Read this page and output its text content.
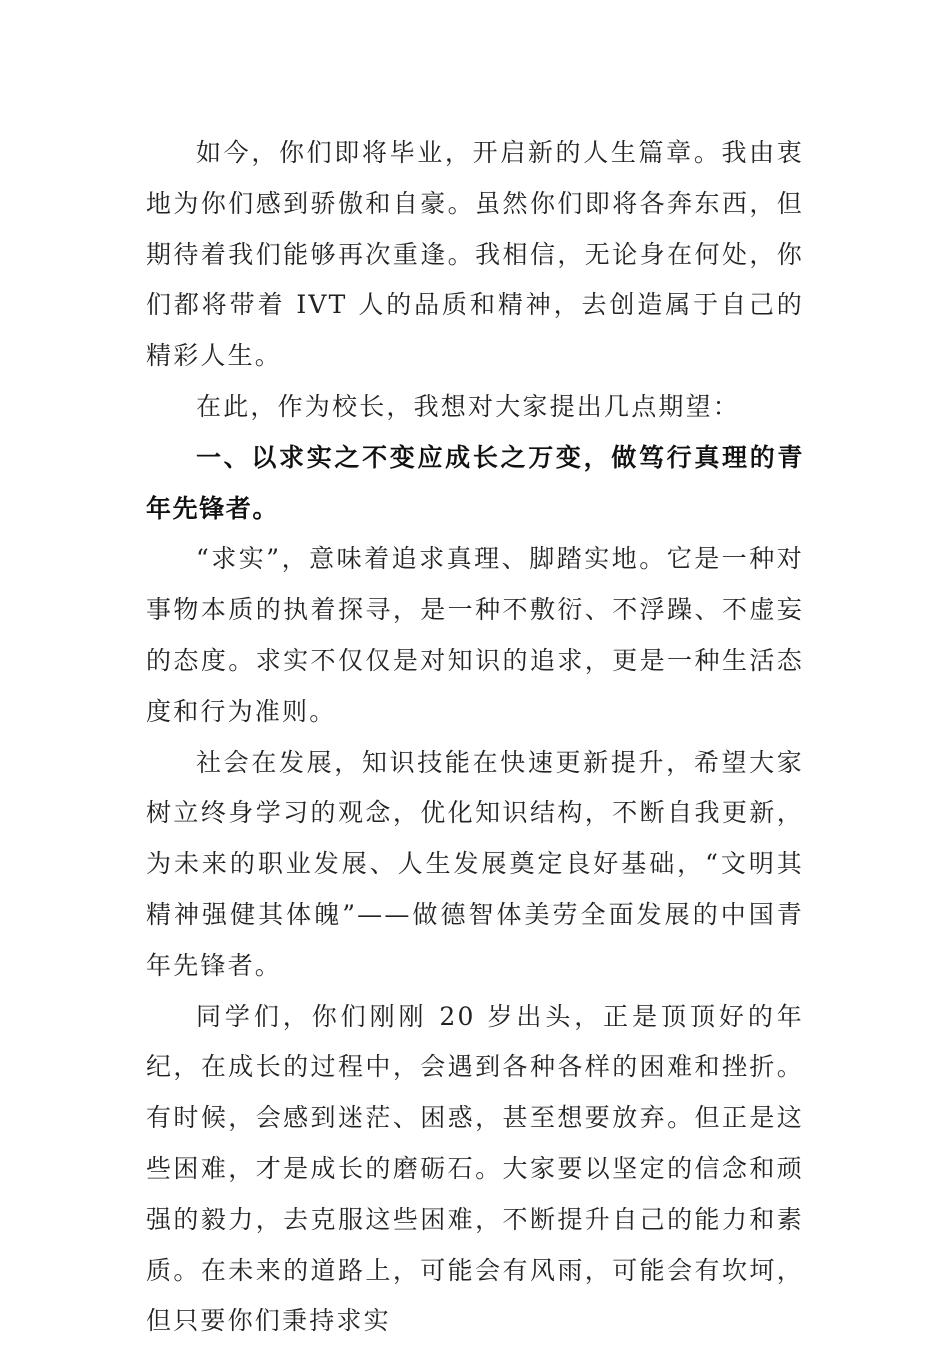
如今，你们即将毕业，开启新的人生篇章。我由衷地为你们感到骄傲和自豪。虽然你们即将各奔东西，但期待着我们能够再次重逢。我相信，无论身在何处，你们都将带着 IVT 人的品质和精神，去创造属于自己的精彩人生。

在此，作为校长，我想对大家提出几点期望：

一、以求实之不变应成长之万变，做笃行真理的青年先锋者。

“求实”，意味着追求真理、脚踏实地。它是一种对事物本质的执着探寻，是一种不敷衍、不浮躁、不虚妄的态度。求实不仅仅是对知识的追求，更是一种生活态度和行为准则。

社会在发展，知识技能在快速更新提升，希望大家树立终身学习的观念，优化知识结构，不断自我更新，为未来的职业发展、人生发展奠定良好基础，“文明其精神强健其体魄”——做德智体美劳全面发展的中国青年先锋者。

同学们，你们刚刚 20 岁出头，正是顶顶好的年纪，在成长的过程中，会遇到各种各样的困难和挫折。有时候，会感到迷茫、困惑，甚至想要放弃。但正是这些困难，才是成长的磨砺石。大家要以坚定的信念和顽强的毅力，去克服这些困难，不断提升自己的能力和素质。在未来的道路上，可能会有风雨，可能会有坎坷，但只要你们秉持求实
